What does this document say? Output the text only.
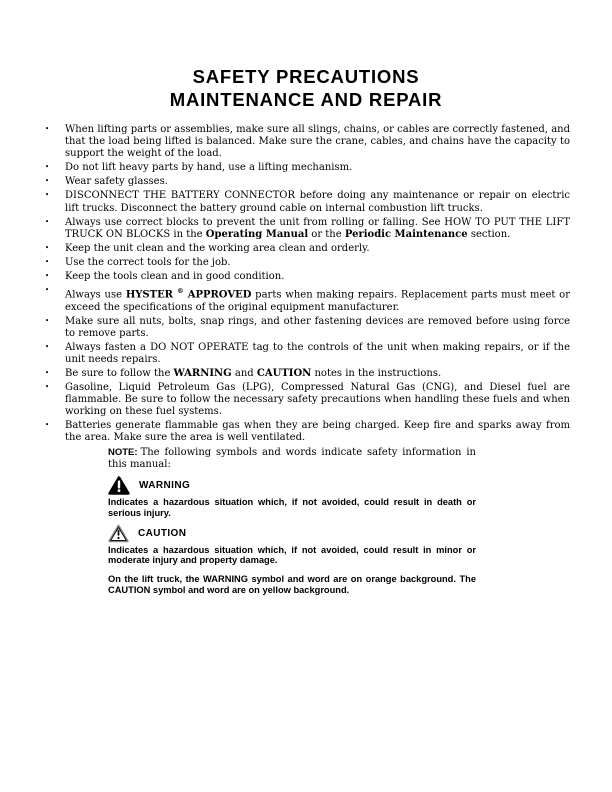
SAFETY PRECAUTIONS
MAINTENANCE AND REPAIR
•
When lifting parts or assemblies, make sure all slings, chains, or cables are correctly fastened, and that the load being lifted is balanced. Make sure the crane, cables, and chains have the capacity to support the weight of the load.
•
Do not lift heavy parts by hand, use a lifting mechanism.
•
Wear safety glasses.
•
DISCONNECT THE BATTERY CONNECTOR before doing any maintenance or repair on electric lift trucks. Disconnect the battery ground cable on internal combustion lift trucks.
•
Always use correct blocks to prevent the unit from rolling or falling. See HOW TO PUT THE LIFT TRUCK ON BLOCKS in the Operating Manual or the Periodic Maintenance section.
•
Keep the unit clean and the working area clean and orderly.
•
Use the correct tools for the job.
•
Keep the tools clean and in good condition.
•
Always use HYSTER ® APPROVED parts when making repairs. Replacement parts must meet or exceed the specifications of the original equipment manufacturer.
•
Make sure all nuts, bolts, snap rings, and other fastening devices are removed before using force to remove parts.
•
Always fasten a DO NOT OPERATE tag to the controls of the unit when making repairs, or if the unit needs repairs.
•
Be sure to follow the WARNING and CAUTION notes in the instructions.
•
Gasoline, Liquid Petroleum Gas (LPG), Compressed Natural Gas (CNG), and Diesel fuel are flammable. Be sure to follow the necessary safety precautions when handling these fuels and when working on these fuel systems.
•
Batteries generate flammable gas when they are being charged. Keep fire and sparks away from the area. Make sure the area is well ventilated.

NOTE: The following symbols and words indicate safety information in this manual:

WARNING

Indicates a hazardous situation which, if not avoided, could result in death or serious injury.

CAUTION

Indicates a hazardous situation which, if not avoided, could result in minor or moderate injury and property damage.

On the lift truck, the WARNING symbol and word are on orange background. The CAUTION symbol and word are on yellow background.
